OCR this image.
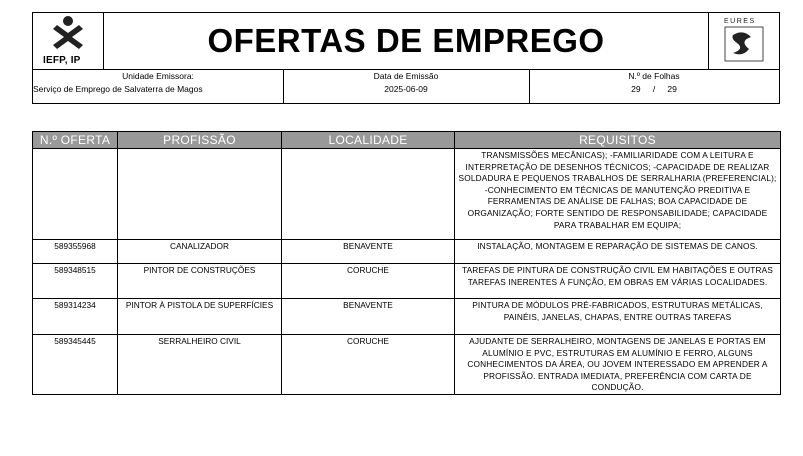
IEFP, IP
OFERTAS DE EMPREGO
EURES
Unidade Emissora:
Serviço de Emprego de Salvaterra de Magos
Data de Emissão
2025-06-09
N.º de Folhas
29 / 29
N.º OFERTA	PROFISSÃO	LOCALIDADE	REQUISITOS
			TRANSMISSÕES MECÂNICAS); -FAMILIARIDADE COM A LEITURA E INTERPRETAÇÃO DE DESENHOS TÉCNICOS; -CAPACIDADE DE REALIZAR SOLDADURA E PEQUENOS TRABALHOS DE SERRALHARIA (PREFERENCIAL); -CONHECIMENTO EM TÉCNICAS DE MANUTENÇÃO PREDITIVA E FERRAMENTAS DE ANÁLISE DE FALHAS; BOA CAPACIDADE DE ORGANIZAÇÃO; FORTE SENTIDO DE RESPONSABILIDADE; CAPACIDADE PARA TRABALHAR EM EQUIPA;
589355968	CANALIZADOR	BENAVENTE	INSTALAÇÃO, MONTAGEM E REPARAÇÃO DE SISTEMAS DE CANOS.
589348515	PINTOR DE CONSTRUÇÕES	CORUCHE	TAREFAS DE PINTURA DE CONSTRUÇÃO CIVIL EM HABITAÇÕES E OUTRAS TAREFAS INERENTES À FUNÇÃO, EM OBRAS EM VÁRIAS LOCALIDADES.
589314234	PINTOR À PISTOLA DE SUPERFÍCIES	BENAVENTE	PINTURA DE MÓDULOS PRÉ-FABRICADOS, ESTRUTURAS METÁLICAS, PAINÉIS, JANELAS, CHAPAS, ENTRE OUTRAS TAREFAS
589345445	SERRALHEIRO CIVIL	CORUCHE	AJUDANTE DE SERRALHEIRO, MONTAGENS DE JANELAS E PORTAS EM ALUMÍNIO E PVC, ESTRUTURAS EM ALUMÍNIO E FERRO, ALGUNS CONHECIMENTOS DA ÁREA, OU JOVEM INTERESSADO EM APRENDER A PROFISSÃO. ENTRADA IMEDIATA, PREFERÊNCIA COM CARTA DE CONDUÇÃO.
